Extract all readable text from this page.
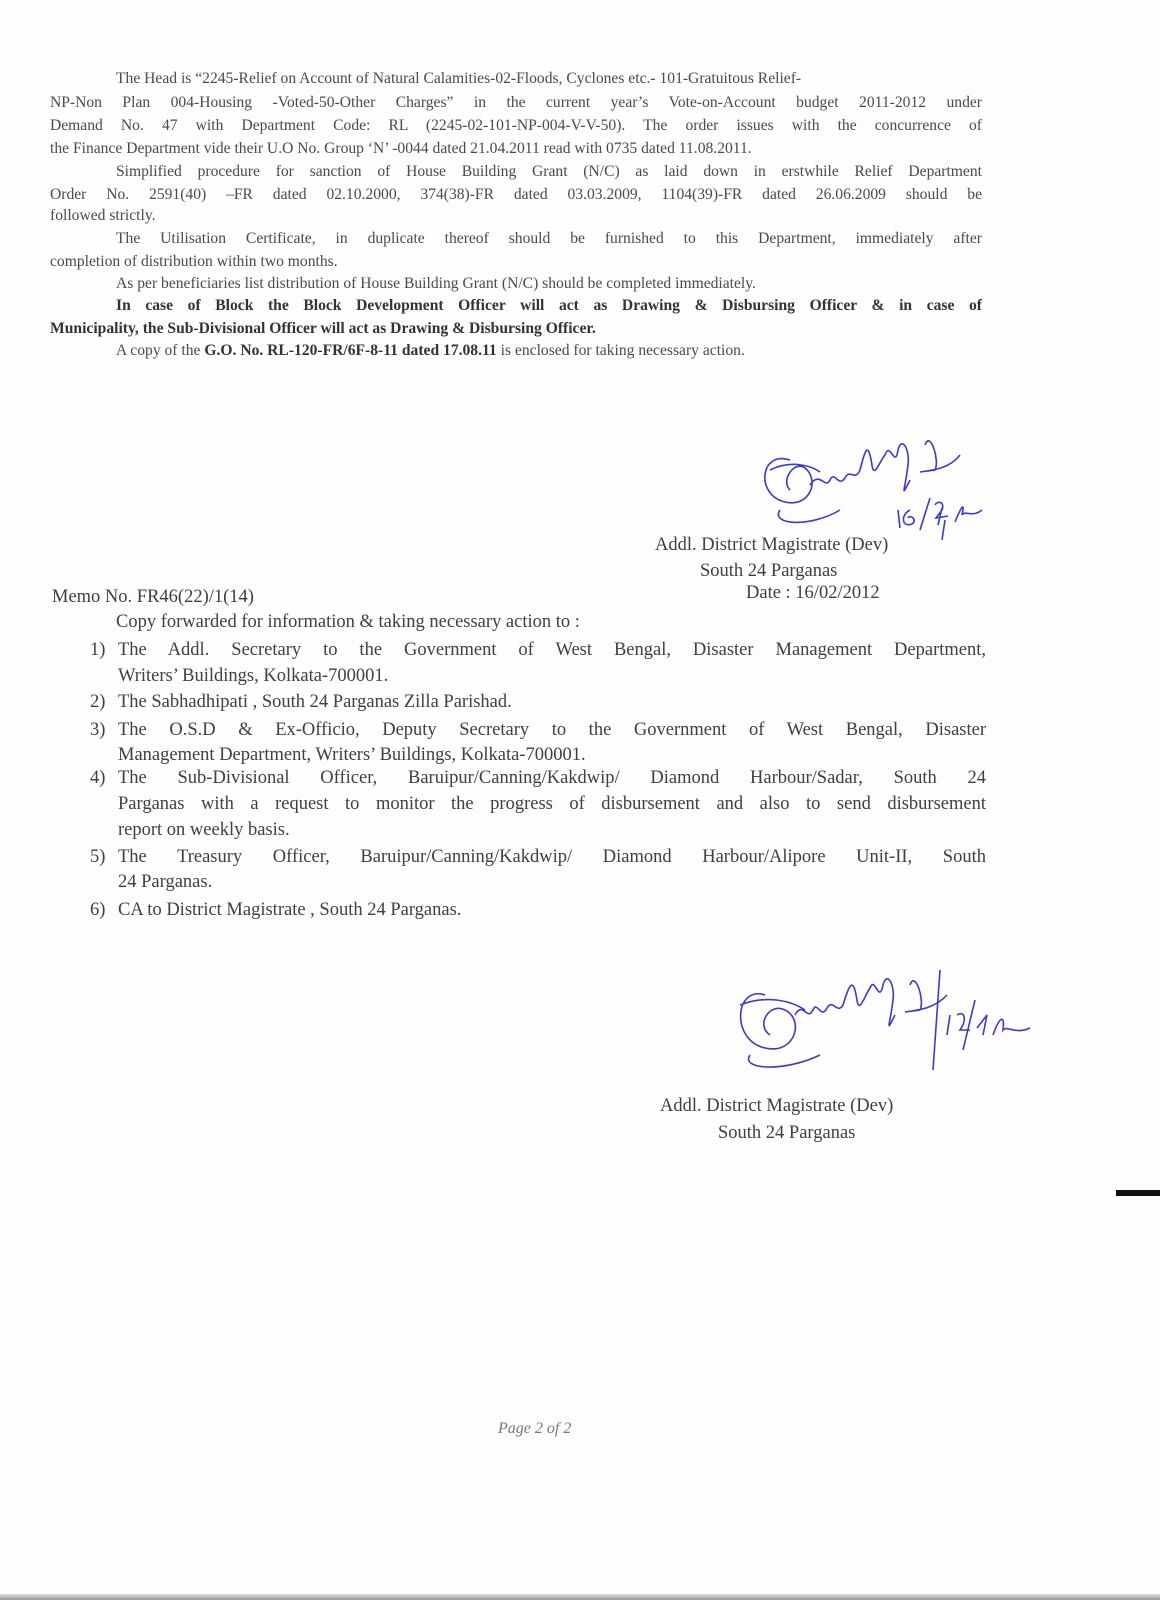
The Head is “2245-Relief on Account of Natural Calamities-02-Floods, Cyclones etc.- 101-Gratuitous Relief-
NP-Non Plan 004-Housing -Voted-50-Other Charges” in the current year’s Vote-on-Account budget 2011-2012 under
Demand No. 47 with Department Code: RL (2245-02-101-NP-004-V-V-50). The order issues with the concurrence of
the Finance Department vide their U.O No. Group ‘N’ -0044 dated 21.04.2011 read with 0735 dated 11.08.2011.
Simplified procedure for sanction of House Building Grant (N/C) as laid down in erstwhile Relief Department
Order No. 2591(40) –FR dated 02.10.2000, 374(38)-FR dated 03.03.2009, 1104(39)-FR dated 26.06.2009 should be
followed strictly.
The Utilisation Certificate, in duplicate thereof should be furnished to this Department, immediately after
completion of distribution within two months.
As per beneficiaries list distribution of House Building Grant (N/C) should be completed immediately.
In case of Block the Block Development Officer will act as Drawing & Disbursing Officer & in case of
Municipality, the Sub-Divisional Officer will act as Drawing & Disbursing Officer.
A copy of the G.O. No. RL-120-FR/6F-8-11 dated 17.08.11 is enclosed for taking necessary action.
Addl. District Magistrate (Dev)
South 24 Parganas
Memo No. FR46(22)/1(14)	Date : 16/02/2012
Copy forwarded for information & taking necessary action to :
1) The Addl. Secretary to the Government of West Bengal, Disaster Management Department,
Writers’ Buildings, Kolkata-700001.
2) The Sabhadhipati , South 24 Parganas Zilla Parishad.
3) The O.S.D & Ex-Officio, Deputy Secretary to the Government of West Bengal, Disaster
Management Department, Writers’ Buildings, Kolkata-700001.
4) The Sub-Divisional Officer, Baruipur/Canning/Kakdwip/ Diamond Harbour/Sadar, South 24
Parganas with a request to monitor the progress of disbursement and also to send disbursement
report on weekly basis.
5) The Treasury Officer, Baruipur/Canning/Kakdwip/ Diamond Harbour/Alipore Unit-II, South
24 Parganas.
6) CA to District Magistrate , South 24 Parganas.
Addl. District Magistrate (Dev)
South 24 Parganas
Page 2 of 2
